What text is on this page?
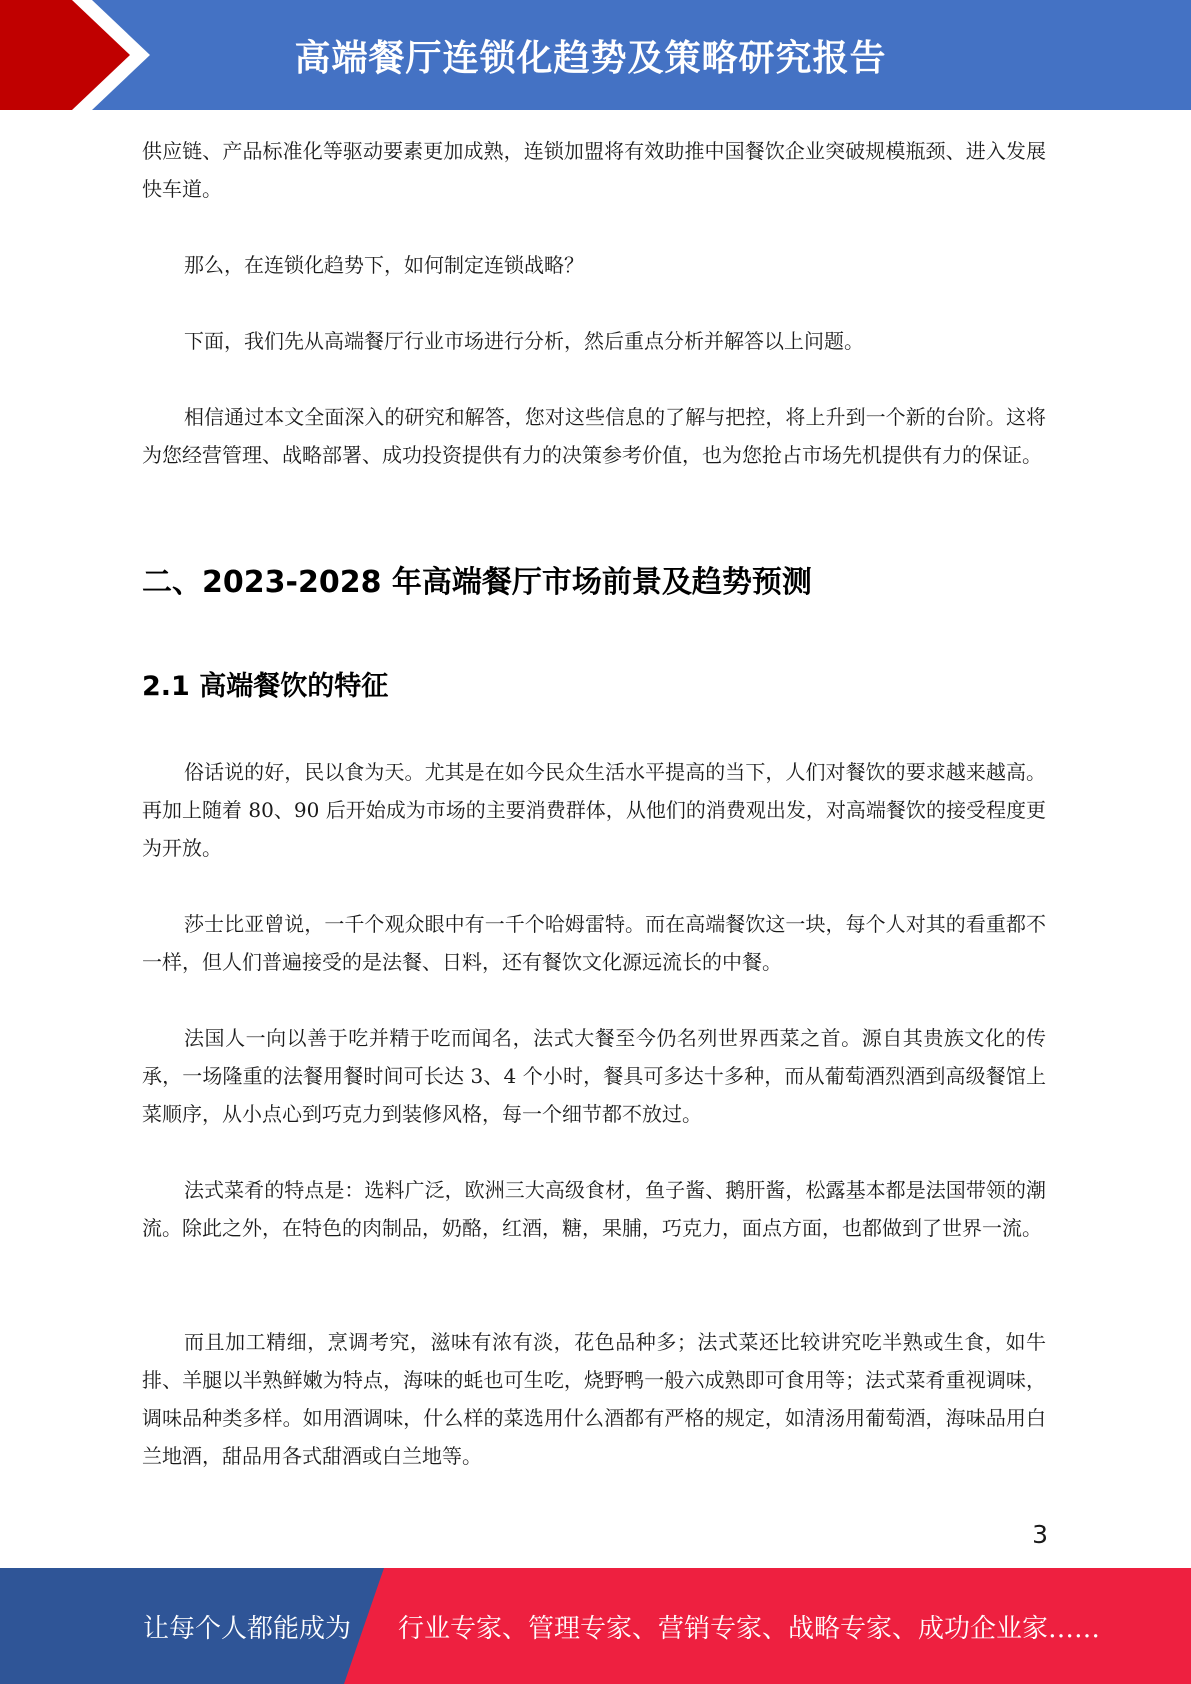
高端餐厅连锁化趋势及策略研究报告

供应链、产品标准化等驱动要素更加成熟，连锁加盟将有效助推中国餐饮企业突破规模瓶颈、进入发展快车道。

那么，在连锁化趋势下，如何制定连锁战略？

下面，我们先从高端餐厅行业市场进行分析，然后重点分析并解答以上问题。

相信通过本文全面深入的研究和解答，您对这些信息的了解与把控，将上升到一个新的台阶。这将为您经营管理、战略部署、成功投资提供有力的决策参考价值，也为您抢占市场先机提供有力的保证。

二、2023-2028 年高端餐厅市场前景及趋势预测
2.1 高端餐饮的特征

俗话说的好，民以食为天。尤其是在如今民众生活水平提高的当下，人们对餐饮的要求越来越高。再加上随着 80、90 后开始成为市场的主要消费群体，从他们的消费观出发，对高端餐饮的接受程度更为开放。

莎士比亚曾说，一千个观众眼中有一千个哈姆雷特。而在高端餐饮这一块，每个人对其的看重都不一样，但人们普遍接受的是法餐、日料，还有餐饮文化源远流长的中餐。

法国人一向以善于吃并精于吃而闻名，法式大餐至今仍名列世界西菜之首。源自其贵族文化的传承，一场隆重的法餐用餐时间可长达 3、4 个小时，餐具可多达十多种，而从葡萄酒烈酒到高级餐馆上菜顺序，从小点心到巧克力到装修风格，每一个细节都不放过。

法式菜肴的特点是：选料广泛，欧洲三大高级食材，鱼子酱、鹅肝酱，松露基本都是法国带领的潮流。除此之外，在特色的肉制品，奶酪，红酒，糖，果脯，巧克力，面点方面，也都做到了世界一流。

而且加工精细，烹调考究，滋味有浓有淡，花色品种多；法式菜还比较讲究吃半熟或生食，如牛排、羊腿以半熟鲜嫩为特点，海味的蚝也可生吃，烧野鸭一般六成熟即可食用等；法式菜肴重视调味，调味品种类多样。如用酒调味，什么样的菜选用什么酒都有严格的规定，如清汤用葡萄酒，海味品用白兰地酒，甜品用各式甜酒或白兰地等。

3
让每个人都能成为 行业专家、管理专家、营销专家、战略专家、成功企业家……
